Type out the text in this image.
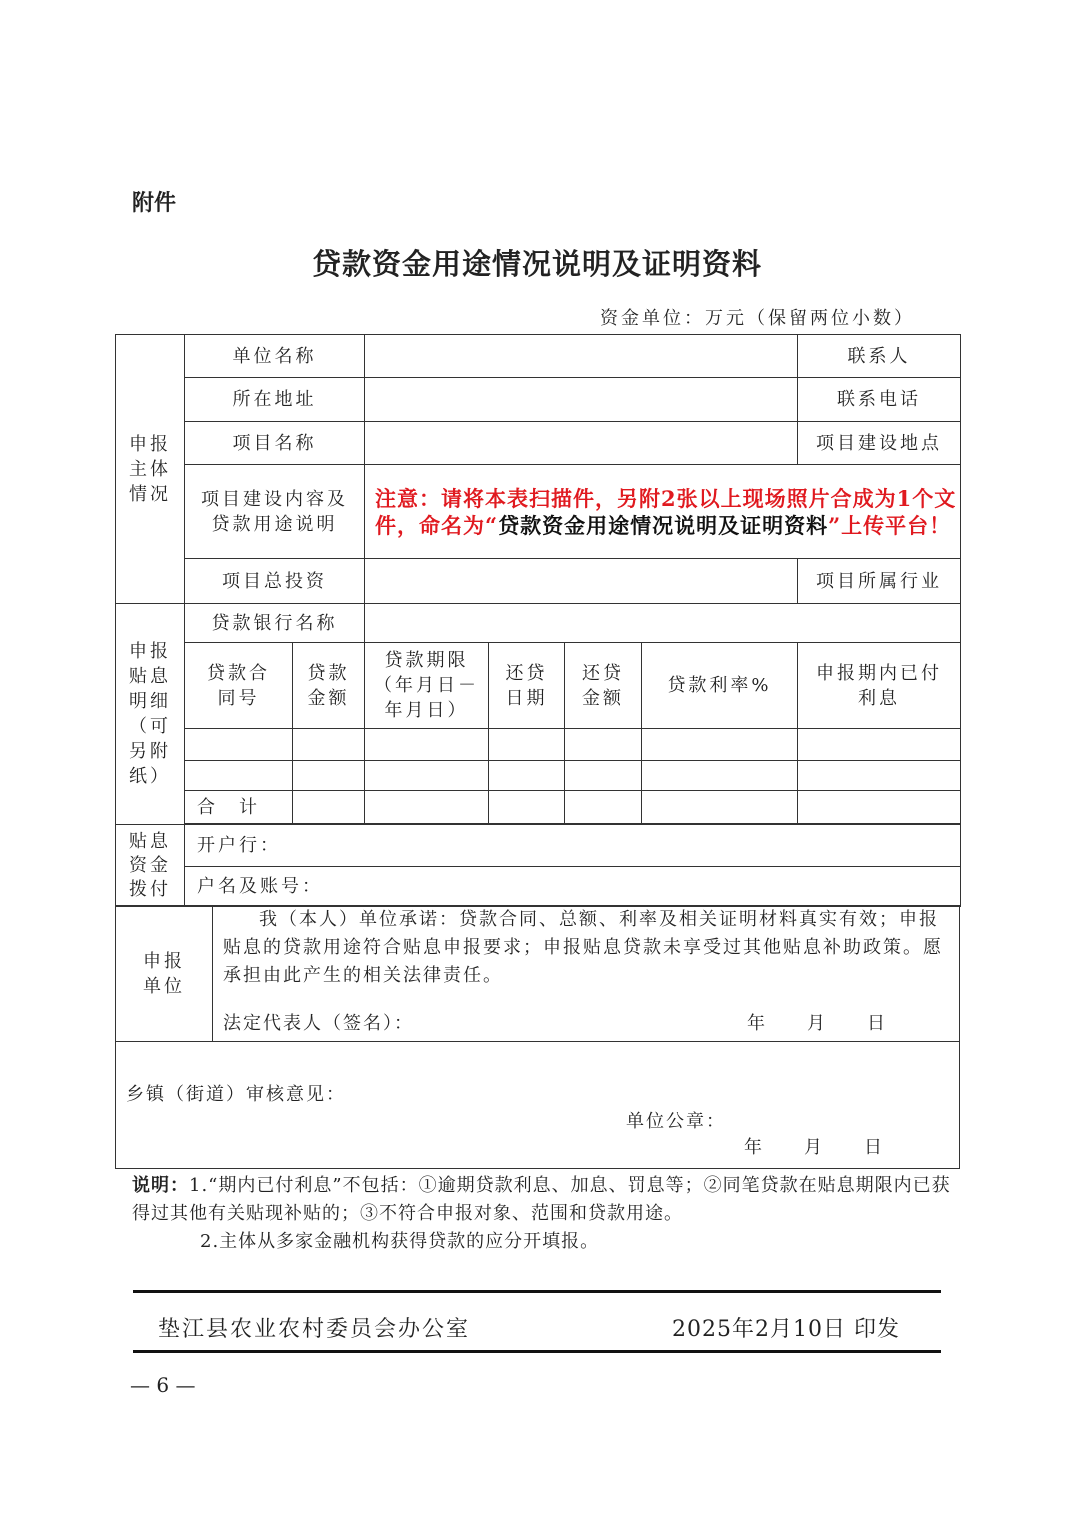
附件
贷款资金用途情况说明及证明资料
资金单位：万元（保留两位小数）
申报主体情况	单位名称						联系人	
	所在地址						联系电话	
	项目名称						项目建设地点	
	项目建设内容及贷款用途说明		注意：请将本表扫描件，另附2张以上现场照片合成为1个文件，命名为“贷款资金用途情况说明及证明资料”上传平台！					
	项目总投资						项目所属行业	
申报贴息明细（可另附纸）	贷款银行名称							
	贷款合同号	贷款金额	贷款期限（年月日－年月日）	还贷日期	还贷金额	贷款利率%	申报期内已付利息	

	合　计							

贴息资金拨付	开户行：							
	户名及账号：							
申报单位	
我（本人）单位承诺：贷款合同、总额、利率及相关证明材料真实有效；申报贴息的贷款用途符合贴息申报要求；申报贴息贷款未享受过其他贴息补助政策。愿承担由此产生的相关法律责任。
法定代表人（签名）：	年　　月　　日
乡镇（街道）审核意见：
单位公章：
年　　月　　日
说明：1.“期内已付利息”不包括：①逾期贷款利息、加息、罚息等；②同笔贷款在贴息期限内已获得过其他有关贴现补贴的；③不符合申报对象、范围和贷款用途。
2.主体从多家金融机构获得贷款的应分开填报。
垫江县农业农村委员会办公室	2025年2月10日 印发
— 6 —
